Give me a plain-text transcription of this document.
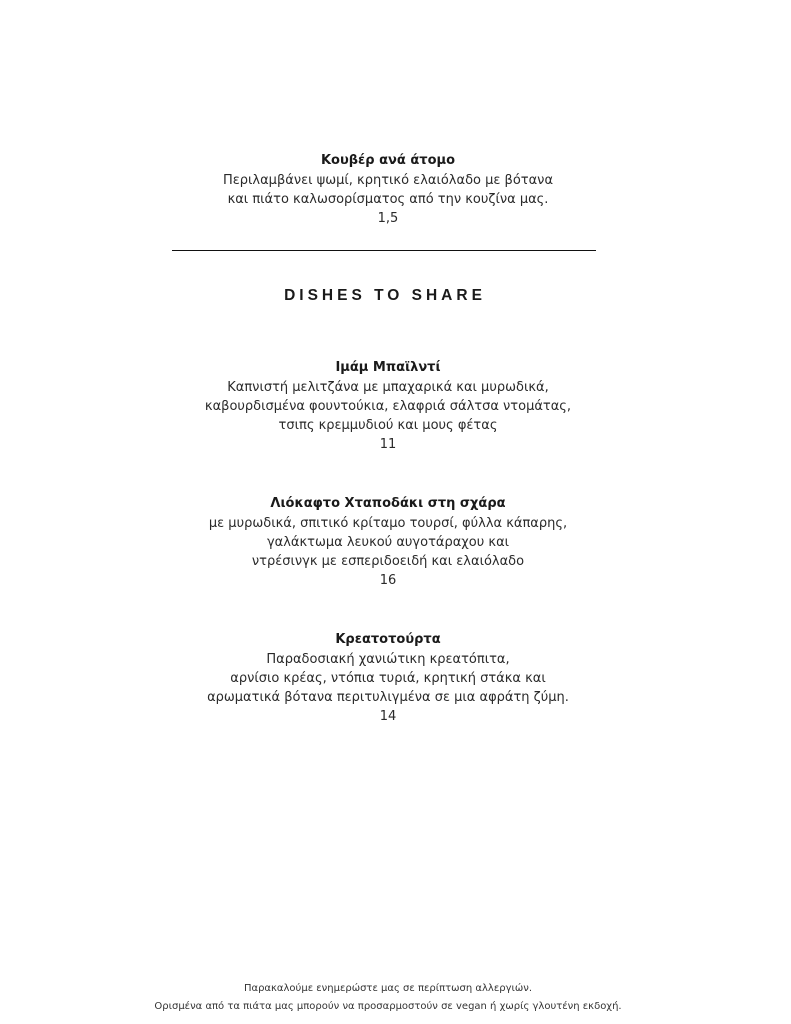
Κουβέρ ανά άτομο
Περιλαμβάνει ψωμί, κρητικό ελαιόλαδο με βότανα
και πιάτο καλωσορίσματος από την κουζίνα μας.
1,5
DISHES TO SHARE
Ιμάμ Μπαϊλντί
Καπνιστή μελιτζάνα με μπαχαρικά και μυρωδικά,
καβουρδισμένα φουντούκια, ελαφριά σάλτσα ντομάτας,
τσιπς κρεμμυδιού και μους φέτας
11
Λιόκαφτο Χταποδάκι στη σχάρα
με μυρωδικά, σπιτικό κρίταμο τουρσί, φύλλα κάπαρης,
γαλάκτωμα λευκού αυγοτάραχου και
ντρέσινγκ με εσπεριδοειδή και ελαιόλαδο
16
Κρεατοτούρτα
Παραδοσιακή χανιώτικη κρεατόπιτα,
αρνίσιο κρέας, ντόπια τυριά, κρητική στάκα και
αρωματικά βότανα περιτυλιγμένα σε μια αφράτη ζύμη.
14
Παρακαλούμε ενημερώστε μας σε περίπτωση αλλεργιών.
Ορισμένα από τα πιάτα μας μπορούν να προσαρμοστούν σε vegan ή χωρίς γλουτένη εκδοχή.
